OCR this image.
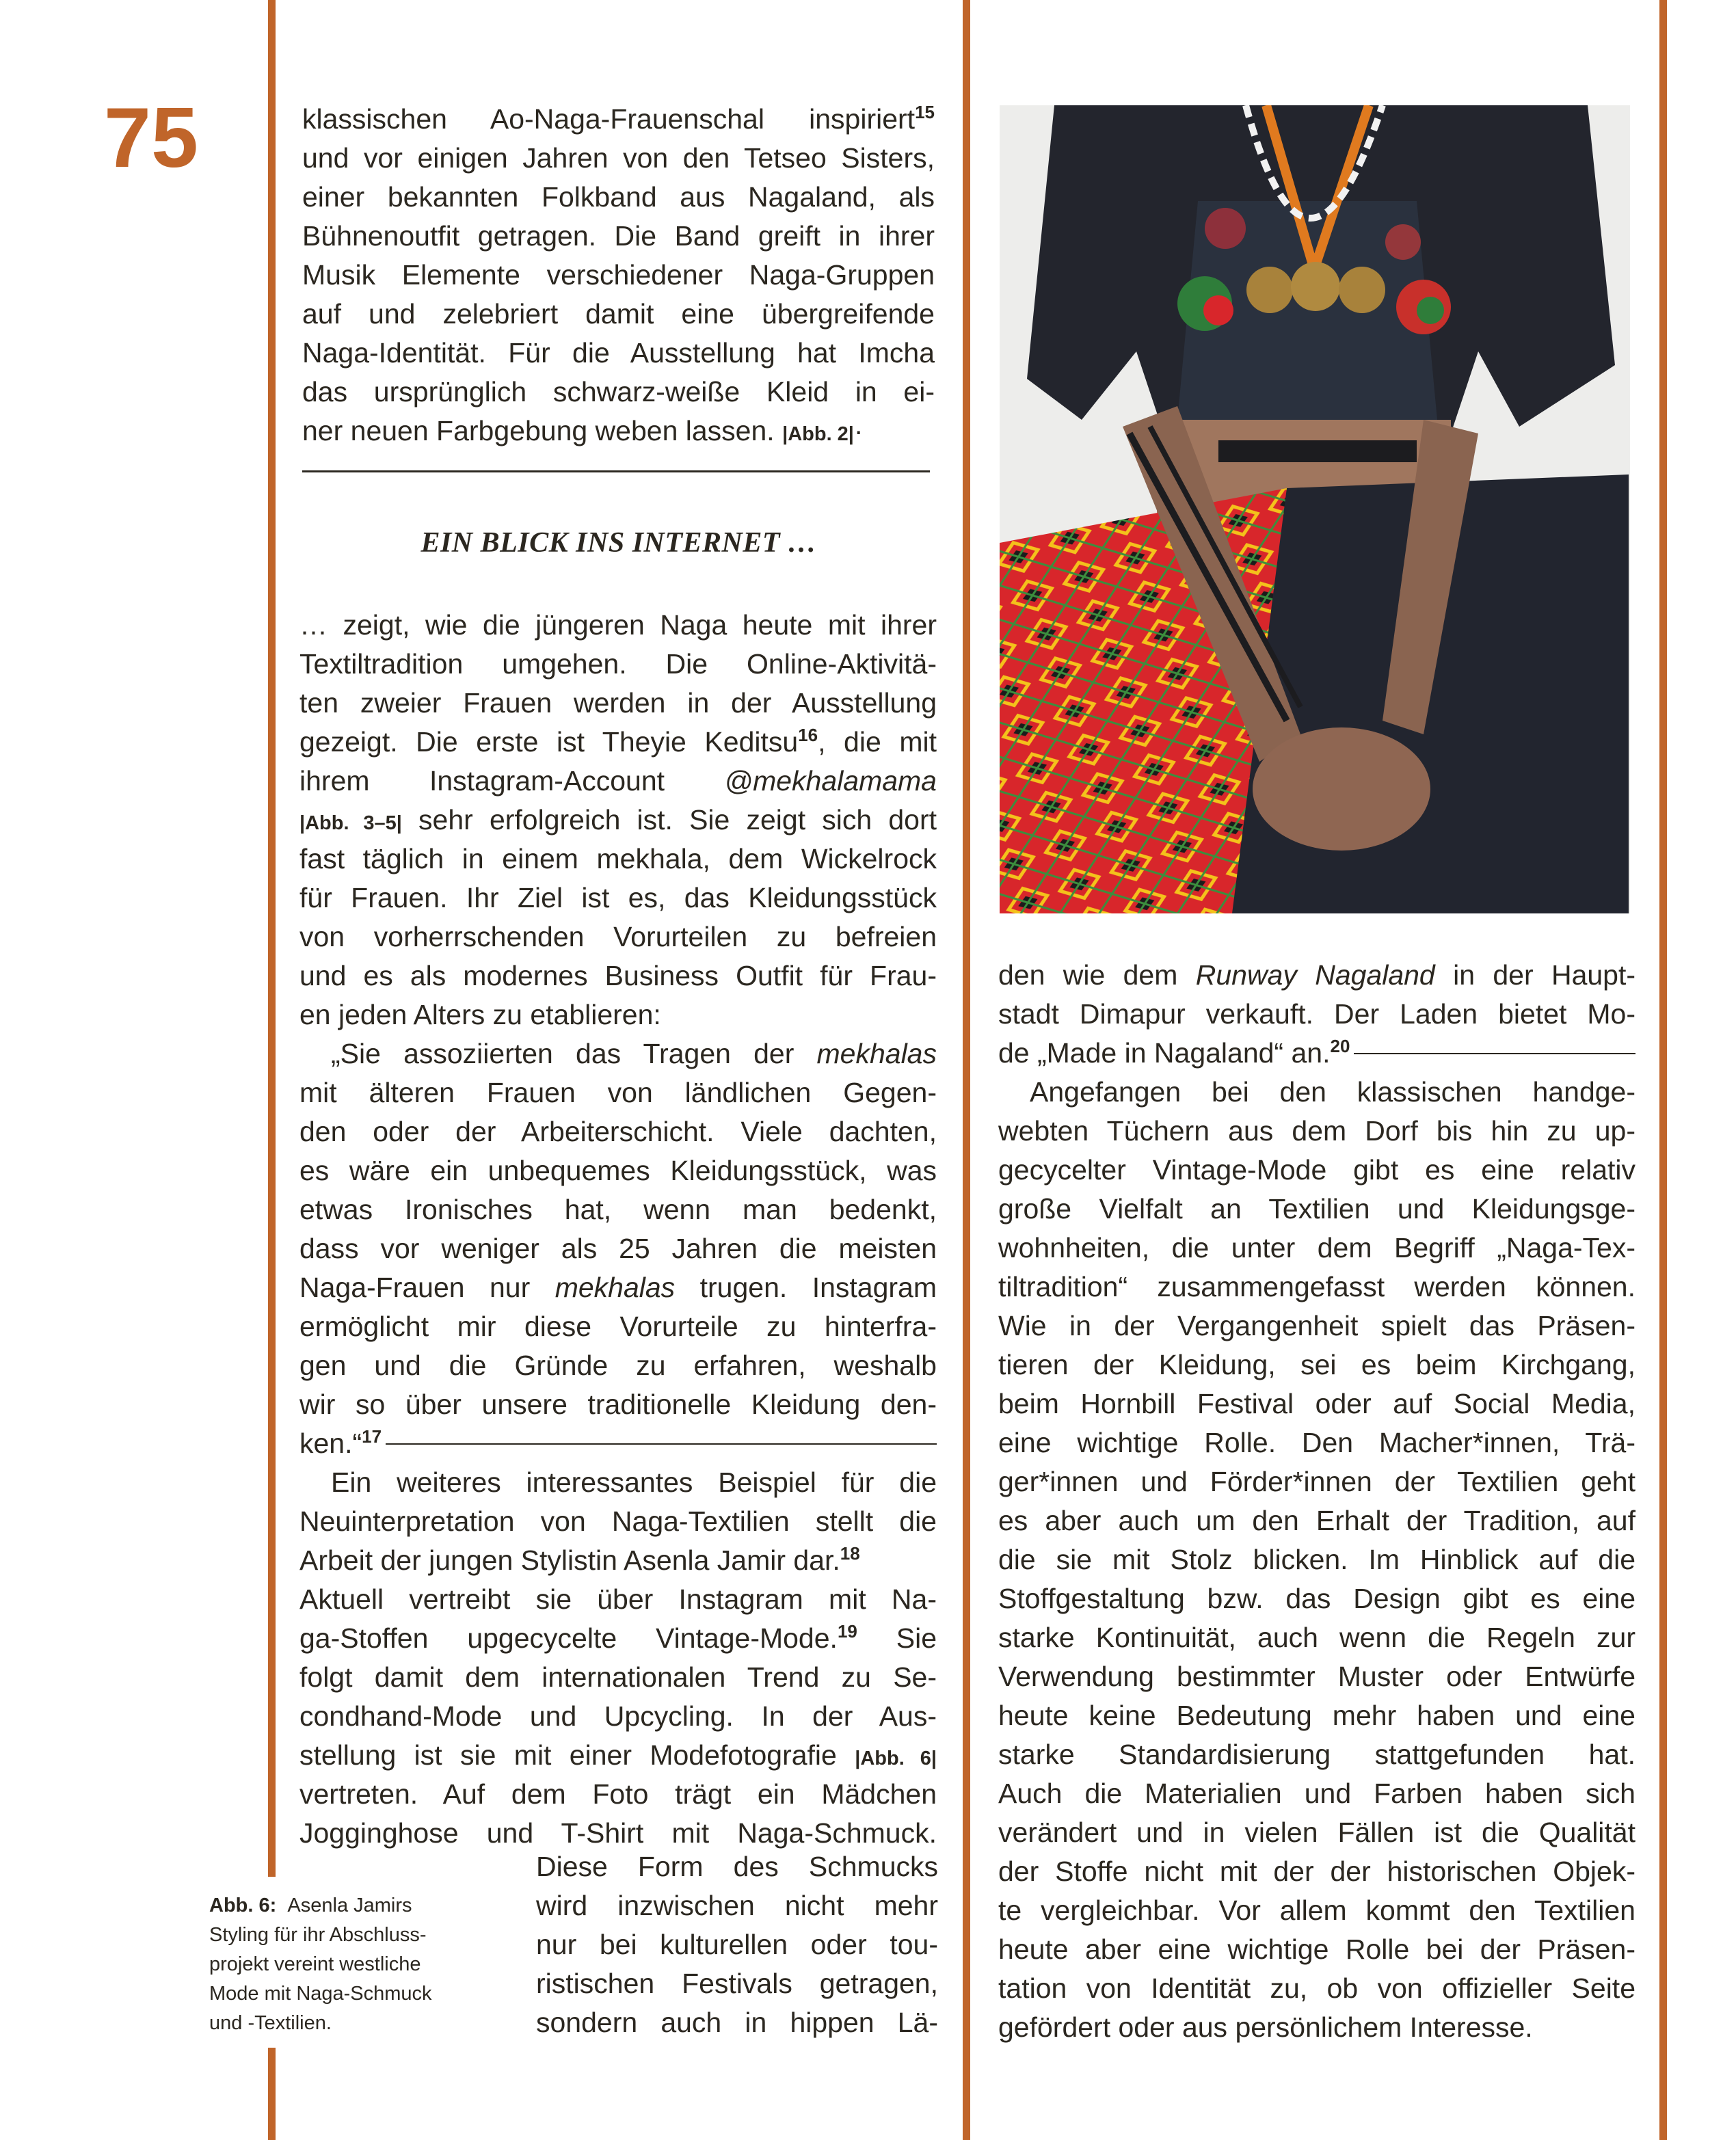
75	klassischen Ao-Naga-Frauenschal inspiriert$^{15}$
und vor einigen Jahren von den Tetseo Sisters,
einer bekannten Folkband aus Nagaland, als
Bühnenoutfit getragen. Die Band greift in ihrer
Musik Elemente verschiedener Naga-Gruppen
auf und zelebriert damit eine übergreifende
Naga-Identität. Für die Ausstellung hat Imcha
das ursprünglich schwarz-weiße Kleid in ei-
ner neuen Farbgebung weben lassen. |Abb. 2|·
EIN BLICK INS INTERNET …
… zeigt, wie die jüngeren Naga heute mit ihrer
Textiltradition umgehen. Die Online-Aktivitä-
ten zweier Frauen werden in der Ausstellung
gezeigt. Die erste ist Theyie Keditsu$^{16}$, die mit
ihrem Instagram-Account @mekhalamama
|Abb. 3–5| sehr erfolgreich ist. Sie zeigt sich dort
fast täglich in einem mekhala, dem Wickelrock
für Frauen. Ihr Ziel ist es, das Kleidungsstück
von vorherrschenden Vorurteilen zu befreien
und es als modernes Business Outfit für Frau-
en jeden Alters zu etablieren:
„Sie assoziierten das Tragen der mekhalas
mit älteren Frauen von ländlichen Gegen-
den oder der Arbeiterschicht. Viele dachten,
es wäre ein unbequemes Kleidungsstück, was
etwas Ironisches hat, wenn man bedenkt,
dass vor weniger als 25 Jahren die meisten
Naga-Frauen nur mekhalas trugen. Instagram
ermöglicht mir diese Vorurteile zu hinterfra-
gen und die Gründe zu erfahren, weshalb
wir so über unsere traditionelle Kleidung den-
ken.“$^{17}$
Ein weiteres interessantes Beispiel für die
Neuinterpretation von Naga-Textilien stellt die
Arbeit der jungen Stylistin Asenla Jamir dar.$^{18}$
Aktuell vertreibt sie über Instagram mit Na-
ga-Stoffen upgecycelte Vintage-Mode.$^{19}$ Sie
folgt damit dem internationalen Trend zu Se-
condhand-Mode und Upcycling. In der Aus-
stellung ist sie mit einer Modefotografie |Abb. 6|
vertreten. Auf dem Foto trägt ein Mädchen
Jogginghose und T-Shirt mit Naga-Schmuck.
Diese Form des Schmucks
wird inzwischen nicht mehr
nur bei kulturellen oder tou-
ristischen Festivals getragen,
sondern auch in hippen Lä-
Abb. 6: Asenla Jamirs
Styling für ihr Abschluss-
projekt vereint westliche
Mode mit Naga-Schmuck
und -Textilien.
den wie dem Runway Nagaland in der Haupt-
stadt Dimapur verkauft. Der Laden bietet Mo-
de „Made in Nagaland“ an.$^{20}$
Angefangen bei den klassischen handge-
webten Tüchern aus dem Dorf bis hin zu up-
gecycelter Vintage-Mode gibt es eine relativ
große Vielfalt an Textilien und Kleidungsge-
wohnheiten, die unter dem Begriff „Naga-Tex-
tiltradition“ zusammengefasst werden können.
Wie in der Vergangenheit spielt das Präsen-
tieren der Kleidung, sei es beim Kirchgang,
beim Hornbill Festival oder auf Social Media,
eine wichtige Rolle. Den Macher*innen, Trä-
ger*innen und Förder*innen der Textilien geht
es aber auch um den Erhalt der Tradition, auf
die sie mit Stolz blicken. Im Hinblick auf die
Stoffgestaltung bzw. das Design gibt es eine
starke Kontinuität, auch wenn die Regeln zur
Verwendung bestimmter Muster oder Entwürfe
heute keine Bedeutung mehr haben und eine
starke Standardisierung stattgefunden hat.
Auch die Materialien und Farben haben sich
verändert und in vielen Fällen ist die Qualität
der Stoffe nicht mit der der historischen Objek-
te vergleichbar. Vor allem kommt den Textilien
heute aber eine wichtige Rolle bei der Präsen-
tation von Identität zu, ob von offizieller Seite
gefördert oder aus persönlichem Interesse.
